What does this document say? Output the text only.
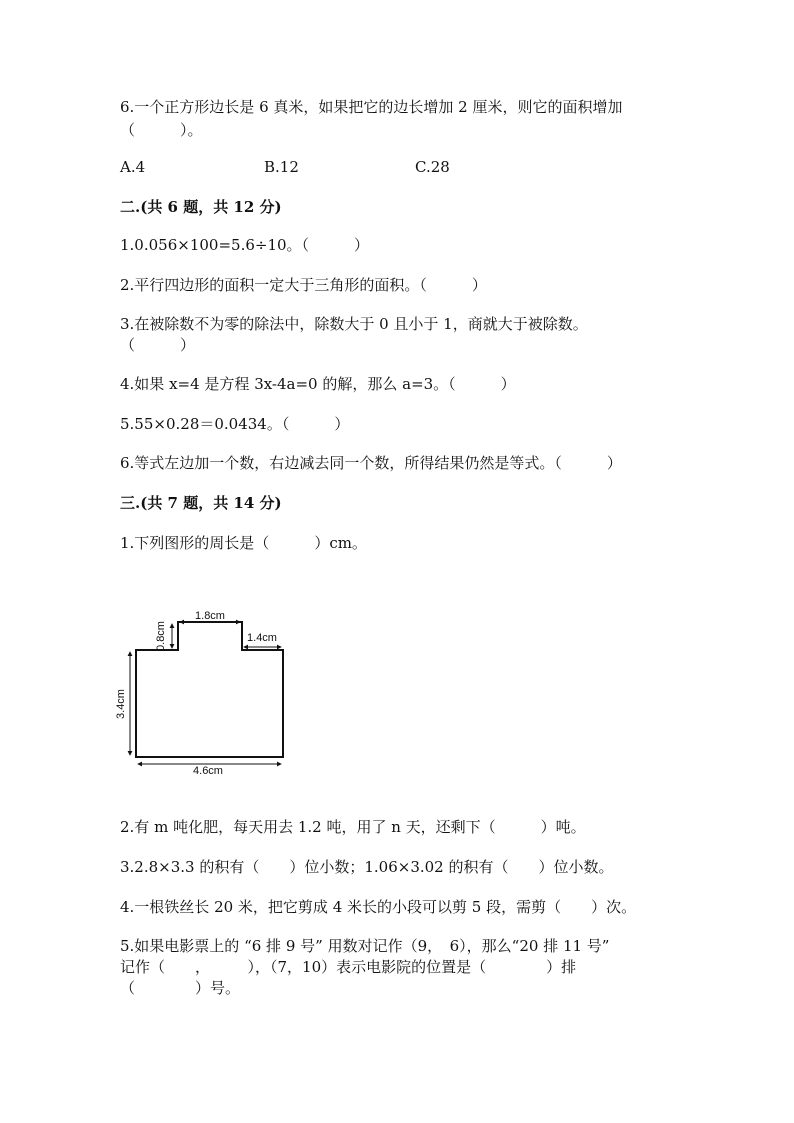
6.一个正方形边长是 6 真米，如果把它的边长增加 2 厘米，则它的面积增加
（　　　）。
A.4	B.12	C.28
二.(共 6 题，共 12 分)
1.0.056×100=5.6÷10。（　　　）
2.平行四边形的面积一定大于三角形的面积。（　　　）
3.在被除数不为零的除法中，除数大于 0 且小于 1，商就大于被除数。
（　　　）
4.如果 x=4 是方程 3x-4a=0 的解，那么 a=3。（　　　）
5.55×0.28＝0.0434。（　　　）
6.等式左边加一个数，右边减去同一个数，所得结果仍然是等式。（　　　）
三.(共 7 题，共 14 分)
1.下列图形的周长是（　　　）cm。
1.8cm
0.8cm	1.4cm
3.4cm
4.6cm
2.有 m 吨化肥，每天用去 1.2 吨，用了 n 天，还剩下（　　　）吨。
3.2.8×3.3 的积有（　　）位小数；1.06×3.02 的积有（　　）位小数。
4.一根铁丝长 20 米，把它剪成 4 米长的小段可以剪 5 段，需剪（　　）次。
5.如果电影票上的 “6 排 9 号” 用数对记作（9，　6），那么“20 排 11 号”
记作（　　，　　　），（7，10）表示电影院的位置是（　　　　）排
（　　　　）号。
